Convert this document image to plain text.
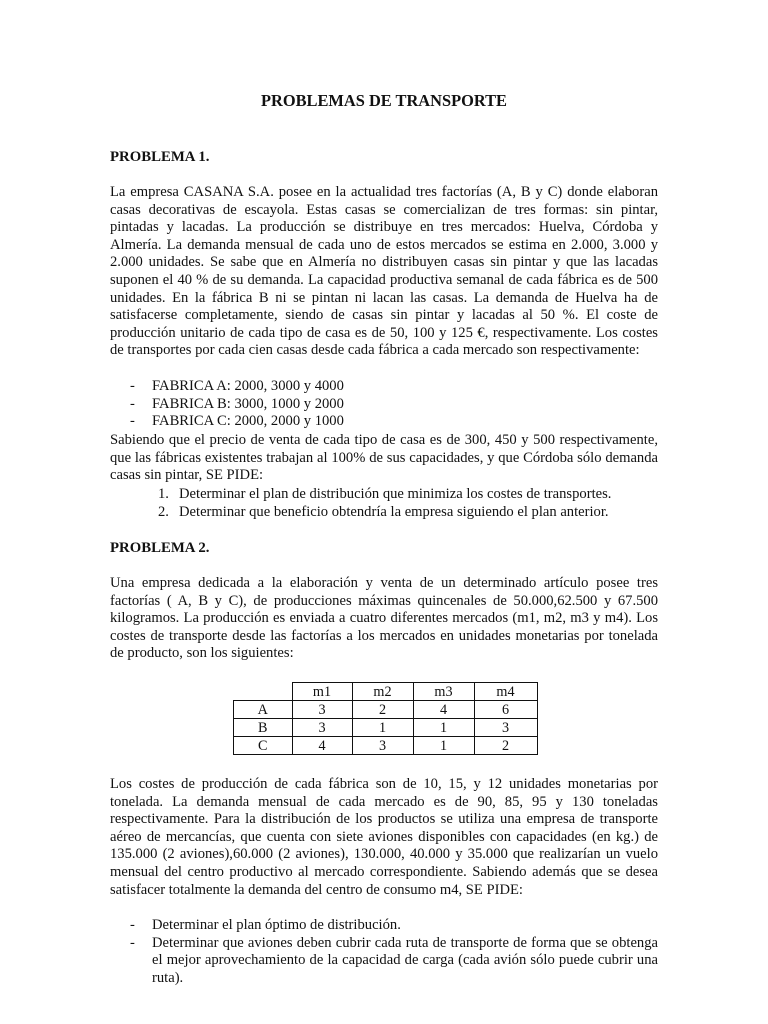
PROBLEMAS DE TRANSPORTE
PROBLEMA 1.

La empresa CASANA S.A. posee en la actualidad tres factorías (A, B y C) donde elaboran casas decorativas de escayola. Estas casas se comercializan de tres formas: sin pintar, pintadas y lacadas. La producción se distribuye en tres mercados: Huelva, Córdoba y Almería. La demanda mensual de cada uno de estos mercados se estima en 2.000, 3.000 y 2.000 unidades. Se sabe que en Almería no distribuyen casas sin pintar y que las lacadas suponen el 40 % de su demanda. La capacidad productiva semanal de cada fábrica es de 500 unidades. En la fábrica B ni se pintan ni lacan las casas. La demanda de Huelva ha de satisfacerse completamente, siendo de casas sin pintar y lacadas al 50 %. El coste de producción unitario de cada tipo de casa es de 50, 100 y 125 €, respectivamente. Los costes de transportes por cada cien casas desde cada fábrica a cada mercado son respectivamente:

- FABRICA A: 2000, 3000 y 4000
- FABRICA B: 3000, 1000 y 2000
- FABRICA C: 2000, 2000 y 1000

Sabiendo que el precio de venta de cada tipo de casa es de 300, 450 y 500 respectivamente, que las fábricas existentes trabajan al 100% de sus capacidades, y que Córdoba sólo demanda casas sin pintar, SE PIDE:

1. Determinar el plan de distribución que minimiza los costes de transportes.
2. Determinar que beneficio obtendría la empresa siguiendo el plan anterior.
PROBLEMA 2.

Una empresa dedicada a la elaboración y venta de un determinado artículo posee tres factorías ( A, B y C), de producciones máximas quincenales de 50.000,62.500 y 67.500 kilogramos. La producción es enviada a cuatro diferentes mercados (m1, m2, m3 y m4). Los costes de transporte desde las factorías a los mercados en unidades monetarias por tonelada de producto, son los siguientes:

	m1	m2	m3	m4
A	3	2	4	6
B	3	1	1	3
C	4	3	1	2

Los costes de producción de cada fábrica son de 10, 15, y 12 unidades monetarias por tonelada. La demanda mensual de cada mercado es de 90, 85, 95 y 130 toneladas respectivamente. Para la distribución de los productos se utiliza una empresa de transporte aéreo de mercancías, que cuenta con siete aviones disponibles con capacidades (en kg.) de 135.000 (2 aviones),60.000 (2 aviones), 130.000, 40.000 y 35.000 que realizarían un vuelo mensual del centro productivo al mercado correspondiente. Sabiendo además que se desea satisfacer totalmente la demanda del centro de consumo m4, SE PIDE:

- Determinar el plan óptimo de distribución.
- Determinar que aviones deben cubrir cada ruta de transporte de forma que se obtenga el mejor aprovechamiento de la capacidad de carga (cada avión sólo puede cubrir una ruta).
